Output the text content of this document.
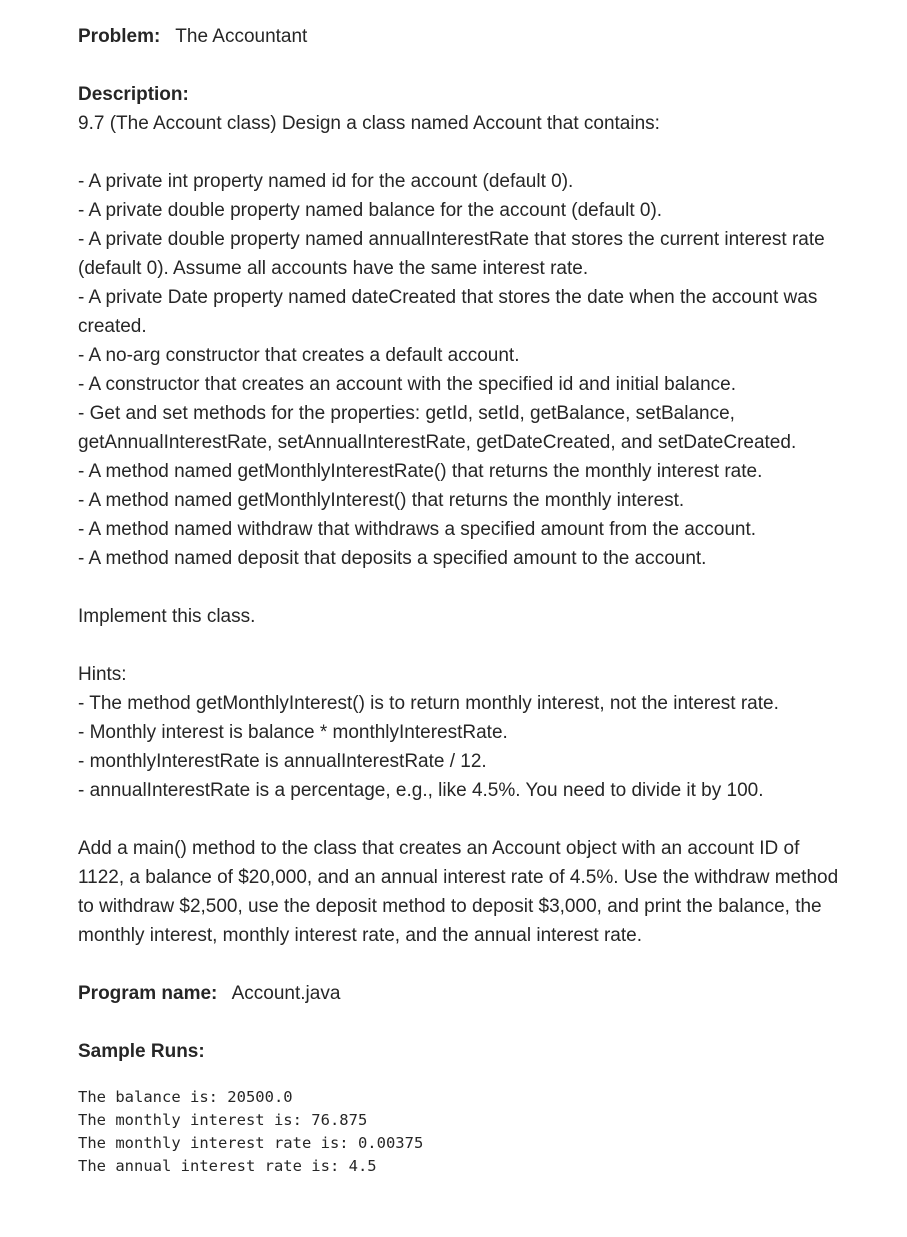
Problem: The Accountant
Description:
9.7 (The Account class) Design a class named Account that contains:
- A private int property named id for the account (default 0).
- A private double property named balance for the account (default 0).
- A private double property named annualInterestRate that stores the current interest rate (default 0). Assume all accounts have the same interest rate.
- A private Date property named dateCreated that stores the date when the account was created.
- A no-arg constructor that creates a default account.
- A constructor that creates an account with the specified id and initial balance.
- Get and set methods for the properties: getId, setId, getBalance, setBalance, getAnnualInterestRate, setAnnualInterestRate, getDateCreated, and setDateCreated.
- A method named getMonthlyInterestRate() that returns the monthly interest rate.
- A method named getMonthlyInterest() that returns the monthly interest.
- A method named withdraw that withdraws a specified amount from the account.
- A method named deposit that deposits a specified amount to the account.
Implement this class.
Hints:
- The method getMonthlyInterest() is to return monthly interest, not the interest rate.
- Monthly interest is balance * monthlyInterestRate.
- monthlyInterestRate is annualInterestRate / 12.
- annualInterestRate is a percentage, e.g., like 4.5%. You need to divide it by 100.
Add a main() method to the class that creates an Account object with an account ID of 1122, a balance of $20,000, and an annual interest rate of 4.5%. Use the withdraw method to withdraw $2,500, use the deposit method to deposit $3,000, and print the balance, the monthly interest, monthly interest rate, and the annual interest rate.
Program name: Account.java
Sample Runs:
The balance is: 20500.0
The monthly interest is: 76.875
The monthly interest rate is: 0.00375
The annual interest rate is: 4.5
